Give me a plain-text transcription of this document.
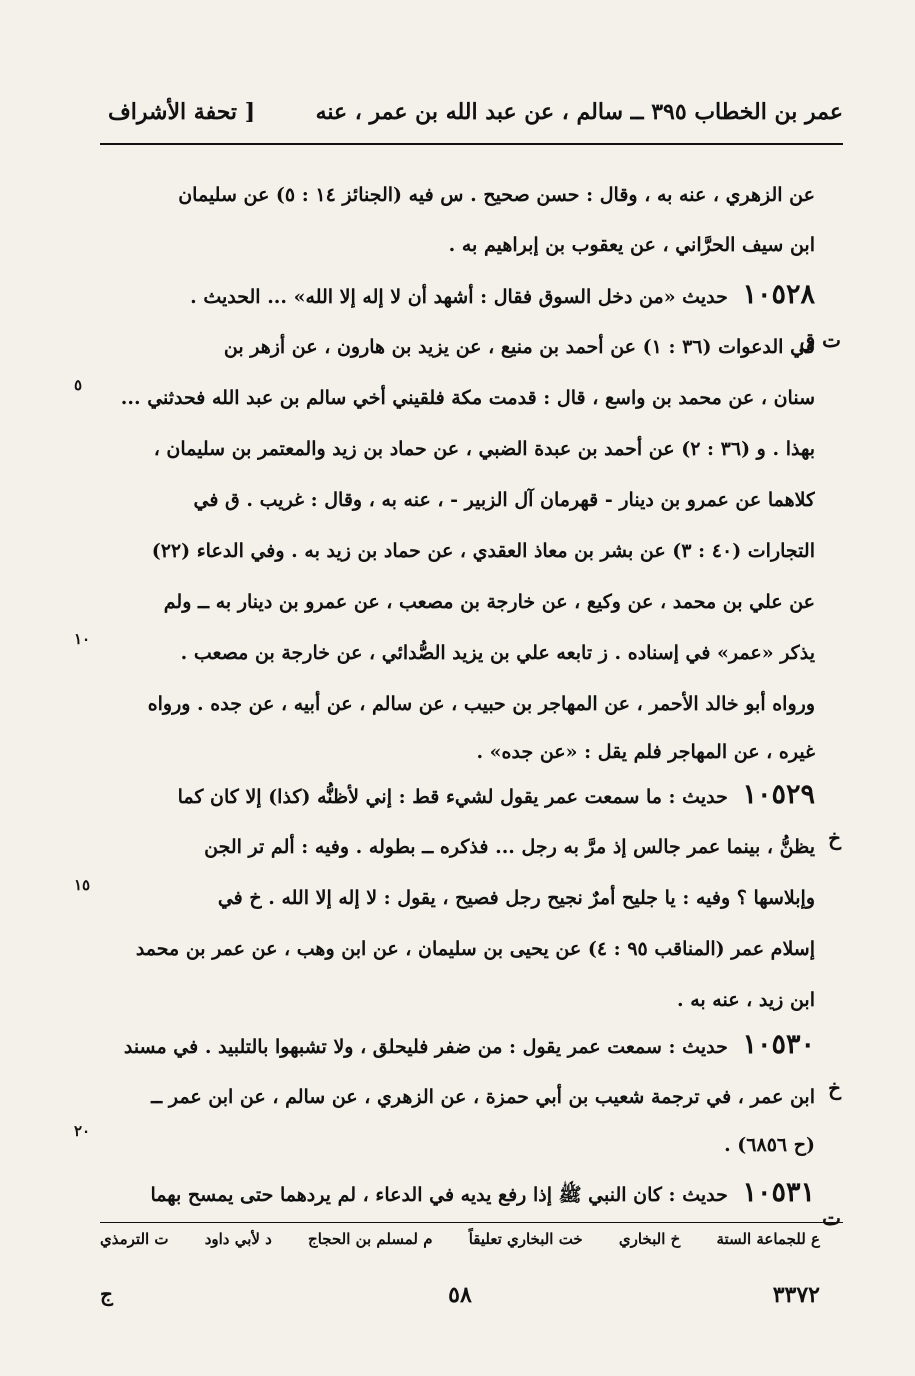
عمر بن الخطاب ٣٩٥ ــ سالم ، عن عبد الله بن عمر ، عنه
[ تحفة الأشراف
عن الزهري ، عنه به ، وقال : حسن صحيح . س فيه (الجنائز ١٤ : ٥) عن سليمان
ابن سيف الحرَّاني ، عن يعقوب بن إبراهيم به .
١٠٥٢٨ حديث «من دخل السوق فقال : أشهد أن لا إله إلا الله» ... الحديث .
ت ق
في الدعوات (٣٦ : ١) عن أحمد بن منيع ، عن يزيد بن هارون ، عن أزهر بن
سنان ، عن محمد بن واسع ، قال : قدمت مكة فلقيني أخي سالم بن عبد الله فحدثني ...
٥
بهذا . و (٣٦ : ٢) عن أحمد بن عبدة الضبي ، عن حماد بن زيد والمعتمر بن سليمان ،
كلاهما عن عمرو بن دينار - قهرمان آل الزبير - ، عنه به ، وقال : غريب . ق في
التجارات (٤٠ : ٣) عن بشر بن معاذ العقدي ، عن حماد بن زيد به . وفي الدعاء (٢٢)
عن علي بن محمد ، عن وكيع ، عن خارجة بن مصعب ، عن عمرو بن دينار به ــ ولم
يذكر «عمر» في إسناده . ز تابعه علي بن يزيد الصُّدائي ، عن خارجة بن مصعب .
١٠
ورواه أبو خالد الأحمر ، عن المهاجر بن حبيب ، عن سالم ، عن أبيه ، عن جده . ورواه
غيره ، عن المهاجر فلم يقل : «عن جده» .
١٠٥٢٩ حديث : ما سمعت عمر يقول لشيء قط : إني لأظنُّه (كذا) إلا كان كما
خ
يظنُّ ، بينما عمر جالس إذ مرَّ به رجل ... فذكره ــ بطوله . وفيه : ألم تر الجن
وإبلاسها ؟ وفيه : يا جليح أمرٌ نجيح رجل فصيح ، يقول : لا إله إلا الله . خ في
١٥
إسلام عمر (المناقب ٩٥ : ٤) عن يحيى بن سليمان ، عن ابن وهب ، عن عمر بن محمد
ابن زيد ، عنه به .
١٠٥٣٠ حديث : سمعت عمر يقول : من ضفر فليحلق ، ولا تشبهوا بالتلبيد . في مسند
خ
ابن عمر ، في ترجمة شعيب بن أبي حمزة ، عن الزهري ، عن سالم ، عن ابن عمر ــ
(ح ٦٨٥٦) .
٢٠
١٠٥٣١ حديث : كان النبي ﷺ إذا رفع يديه في الدعاء ، لم يردهما حتى يمسح بهما
ت
ع للجماعة الستة
خ البخاري
خت البخاري تعليقاً
م لمسلم بن الحجاج
د لأبي داود
ت الترمذي
٣٣٧٢
٥٨
ج
